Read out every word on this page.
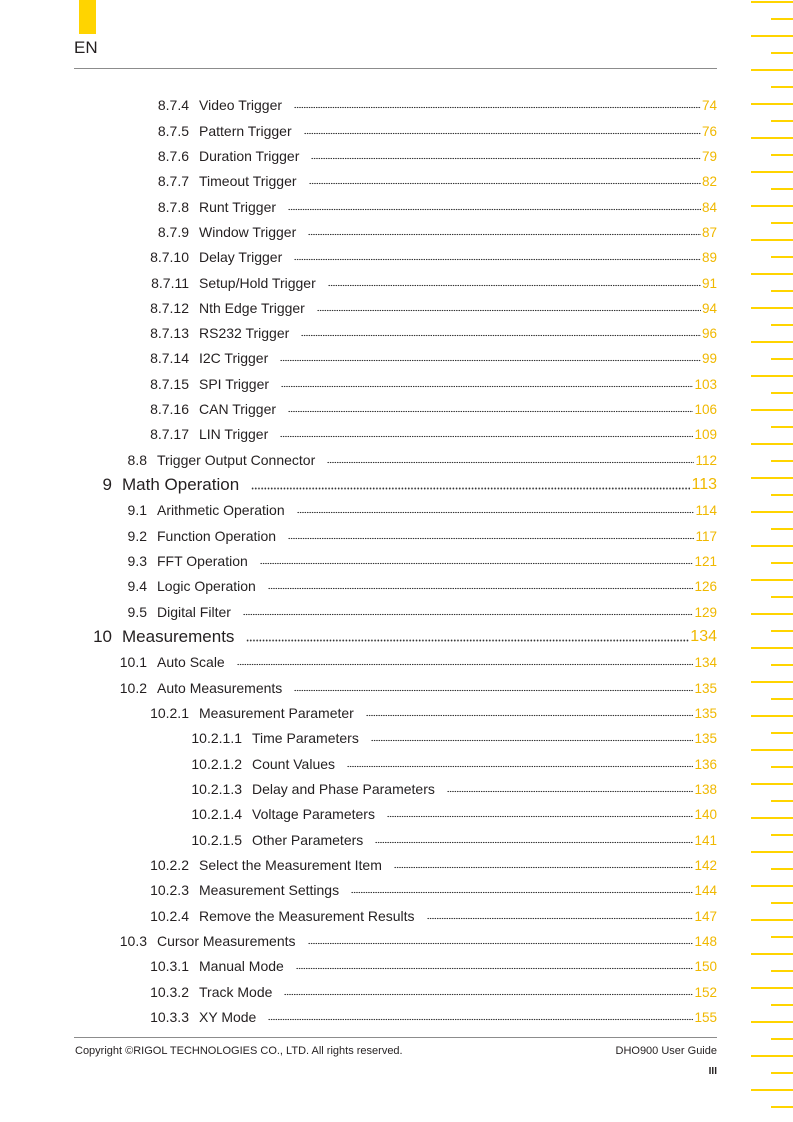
EN
8.7.4 Video Trigger	74
8.7.5 Pattern Trigger	76
8.7.6 Duration Trigger	79
8.7.7 Timeout Trigger	82
8.7.8 Runt Trigger	84
8.7.9 Window Trigger	87
8.7.10 Delay Trigger	89
8.7.11 Setup/Hold Trigger	91
8.7.12 Nth Edge Trigger	94
8.7.13 RS232 Trigger	96
8.7.14 I2C Trigger	99
8.7.15 SPI Trigger	103
8.7.16 CAN Trigger	106
8.7.17 LIN Trigger	109
8.8 Trigger Output Connector	112
9 Math Operation	113
9.1 Arithmetic Operation	114
9.2 Function Operation	117
9.3 FFT Operation	121
9.4 Logic Operation	126
9.5 Digital Filter	129
10 Measurements	134
10.1 Auto Scale	134
10.2 Auto Measurements	135
10.2.1 Measurement Parameter	135
10.2.1.1 Time Parameters	135
10.2.1.2 Count Values	136
10.2.1.3 Delay and Phase Parameters	138
10.2.1.4 Voltage Parameters	140
10.2.1.5 Other Parameters	141
10.2.2 Select the Measurement Item	142
10.2.3 Measurement Settings	144
10.2.4 Remove the Measurement Results	147
10.3 Cursor Measurements	148
10.3.1 Manual Mode	150
10.3.2 Track Mode	152
10.3.3 XY Mode	155
Copyright ©RIGOL TECHNOLOGIES CO., LTD. All rights reserved.	DHO900 User Guide
III
